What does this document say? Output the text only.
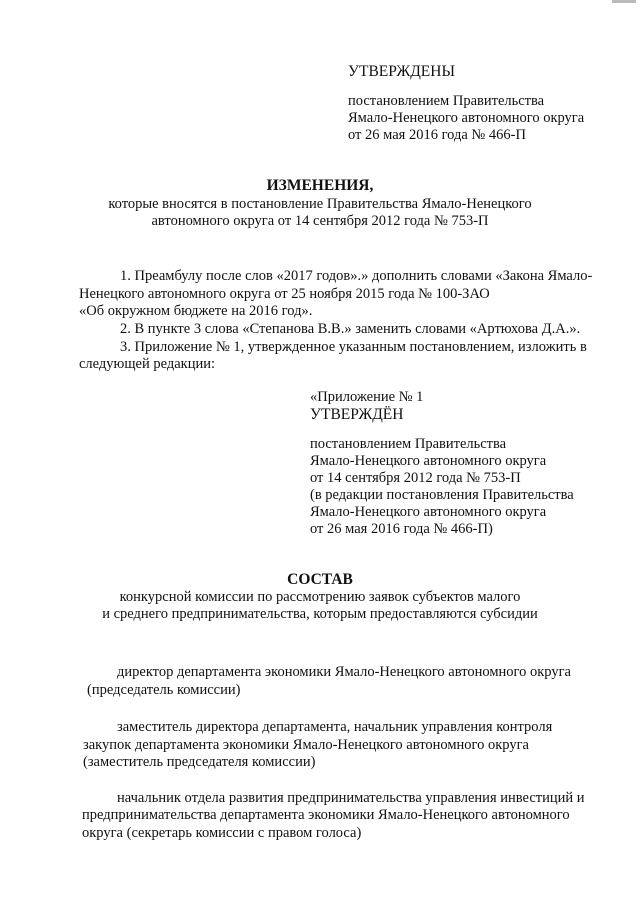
УТВЕРЖДЕНЫ
постановлением Правительства
Ямало-Ненецкого автономного округа
от 26 мая 2016 года № 466-П
ИЗМЕНЕНИЯ,
которые вносятся в постановление Правительства Ямало-Ненецкого
автономного округа от 14 сентября 2012 года № 753-П
1. Преамбулу после слов «2017 годов».» дополнить словами «Закона Ямало-
Ненецкого автономного округа от 25 ноября 2015 года № 100-ЗАО
«Об окружном бюджете на 2016 год».
2. В пункте 3 слова «Степанова В.В.» заменить словами «Артюхова Д.А.».
3. Приложение № 1, утвержденное указанным постановлением, изложить в
следующей редакции:
«Приложение № 1
УТВЕРЖДЁН
постановлением Правительства
Ямало-Ненецкого автономного округа
от 14 сентября 2012 года № 753-П
(в редакции постановления Правительства
Ямало-Ненецкого автономного округа
от 26 мая 2016 года № 466-П)
СОСТАВ
конкурсной комиссии по рассмотрению заявок субъектов малого
и среднего предпринимательства, которым предоставляются субсидии
директор департамента экономики Ямало-Ненецкого автономного округа
(председатель комиссии)
заместитель директора департамента, начальник управления контроля
закупок департамента экономики Ямало-Ненецкого автономного округа
(заместитель председателя комиссии)
начальник отдела развития предпринимательства управления инвестиций и
предпринимательства департамента экономики Ямало-Ненецкого автономного
округа (секретарь комиссии с правом голоса)
